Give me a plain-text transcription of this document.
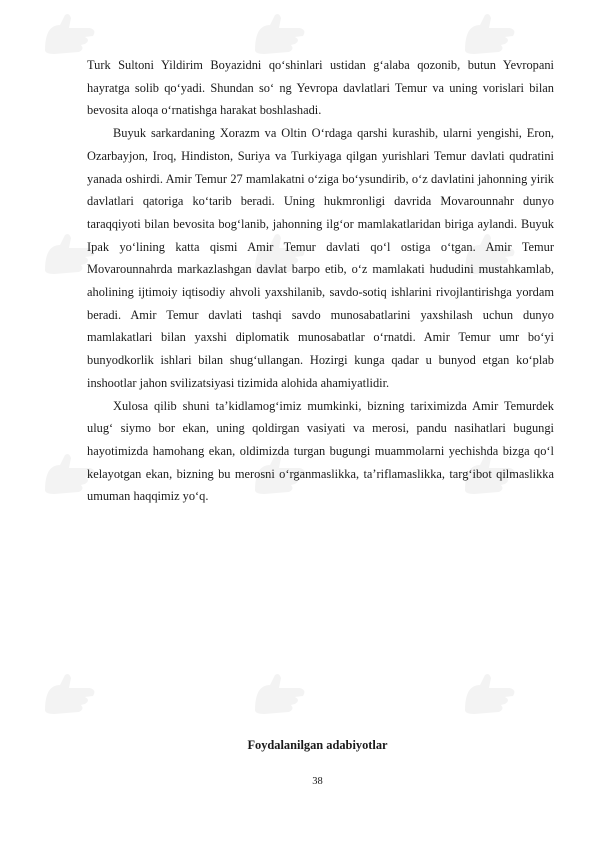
Turk Sultoni Yildirim Boyazidni qo‘shinlari ustidan g‘alaba qozonib, butun Yevropani hayratga solib qo‘yadi. Shundan so‘ ng Yevropa davlatlari Temur va uning vorislari bilan bevosita aloqa o‘rnatishga harakat boshlashadi.

Buyuk sarkardaning Xorazm va Oltin O‘rdaga qarshi kurashib, ularni yengishi, Eron, Ozarbayjon, Iroq, Hindiston, Suriya va Turkiyaga qilgan yurishlari Temur davlati qudratini yanada oshirdi. Amir Temur 27 mamlakatni o‘ziga bo‘ysundirib, o‘z davlatini jahonning yirik davlatlari qatoriga ko‘tarib beradi. Uning hukmronligi davrida Movarounnahr dunyo taraqqiyoti bilan bevosita bog‘lanib, jahonning ilg‘or mamlakatlaridan biriga aylandi. Buyuk Ipak yo‘lining katta qismi Amir Temur davlati qo‘l ostiga o‘tgan. Amir Temur Movarounnahrda markazlashgan davlat barpo etib, o‘z mamlakati hududini mustahkamlab, aholining ijtimoiy iqtisodiy ahvoli yaxshilanib, savdo-sotiq ishlarini rivojlantirishga yordam beradi. Amir Temur davlati tashqi savdo munosabatlarini yaxshilash uchun dunyo mamlakatlari bilan yaxshi diplomatik munosabatlar o‘rnatdi. Amir Temur umr bo‘yi bunyodkorlik ishlari bilan shug‘ullangan. Hozirgi kunga qadar u bunyod etgan ko‘plab inshootlar jahon svilizatsiyasi tizimida alohida ahamiyatlidir.

Xulosa qilib shuni ta’kidlamog‘imiz mumkinki, bizning tariximizda Amir Temurdek ulug‘ siymo bor ekan, uning qoldirgan vasiyati va merosi, pandu nasihatlari bugungi hayotimizda hamohang ekan, oldimizda turgan bugungi muammolarni yechishda bizga qo‘l kelayotgan ekan, bizning bu merosni o‘rganmaslikka, ta’riflamaslikka, targ‘ibot qilmaslikka umuman haqqimiz yo‘q.

Foydalanilgan adabiyotlar
38
